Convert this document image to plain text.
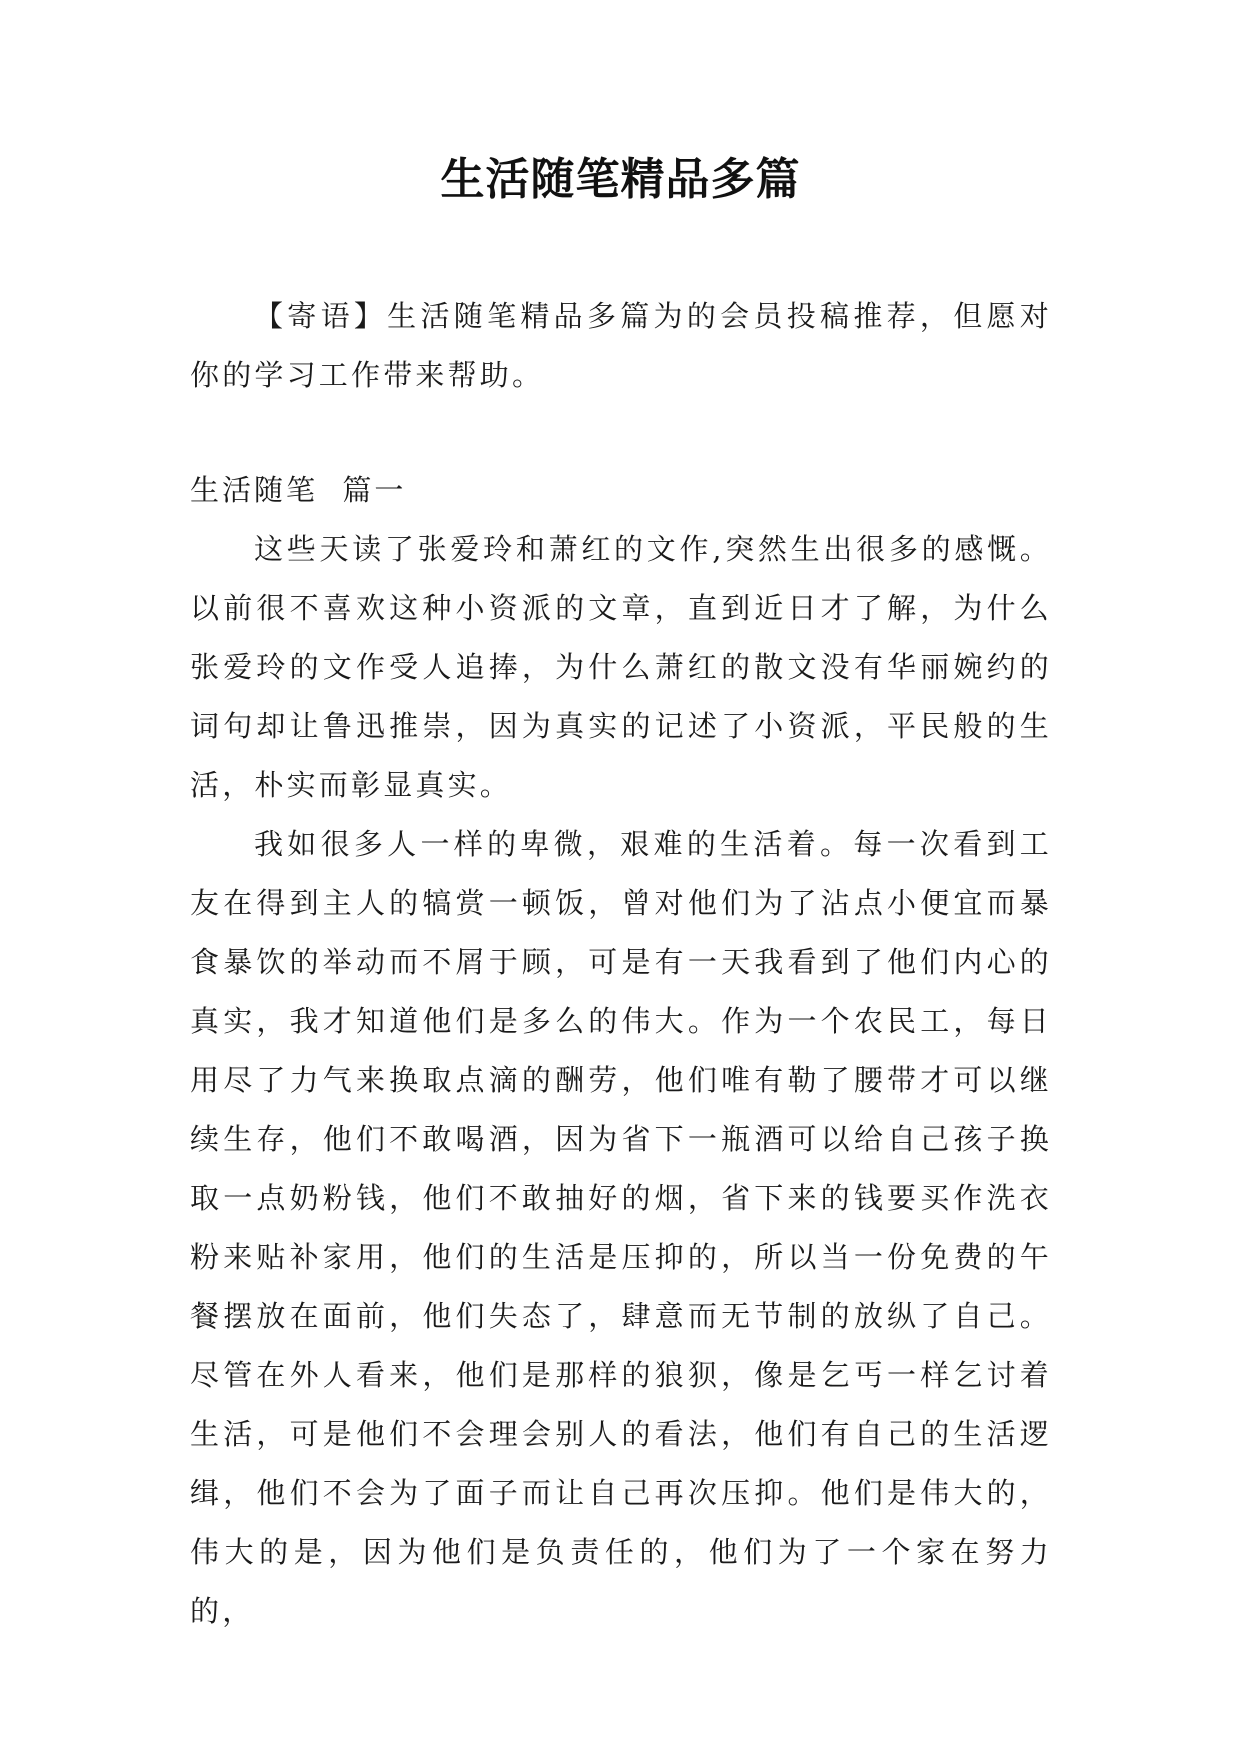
生活随笔精品多篇

【寄语】生活随笔精品多篇为的会员投稿推荐，但愿对你的学习工作带来帮助。

生活随笔  篇一

这些天读了张爱玲和萧红的文作,突然生出很多的感慨。以前很不喜欢这种小资派的文章，直到近日才了解，为什么张爱玲的文作受人追捧，为什么萧红的散文没有华丽婉约的词句却让鲁迅推崇，因为真实的记述了小资派，平民般的生活，朴实而彰显真实。

我如很多人一样的卑微，艰难的生活着。每一次看到工友在得到主人的犒赏一顿饭，曾对他们为了沾点小便宜而暴食暴饮的举动而不屑于顾，可是有一天我看到了他们内心的真实，我才知道他们是多么的伟大。作为一个农民工，每日用尽了力气来换取点滴的酬劳，他们唯有勒了腰带才可以继续生存，他们不敢喝酒，因为省下一瓶酒可以给自己孩子换取一点奶粉钱，他们不敢抽好的烟，省下来的钱要买作洗衣粉来贴补家用，他们的生活是压抑的，所以当一份免费的午餐摆放在面前，他们失态了，肆意而无节制的放纵了自己。尽管在外人看来，他们是那样的狼狈，像是乞丐一样乞讨着生活，可是他们不会理会别人的看法，他们有自己的生活逻缉，他们不会为了面子而让自己再次压抑。他们是伟大的，伟大的是，因为他们是负责任的，他们为了一个家在努力的，
